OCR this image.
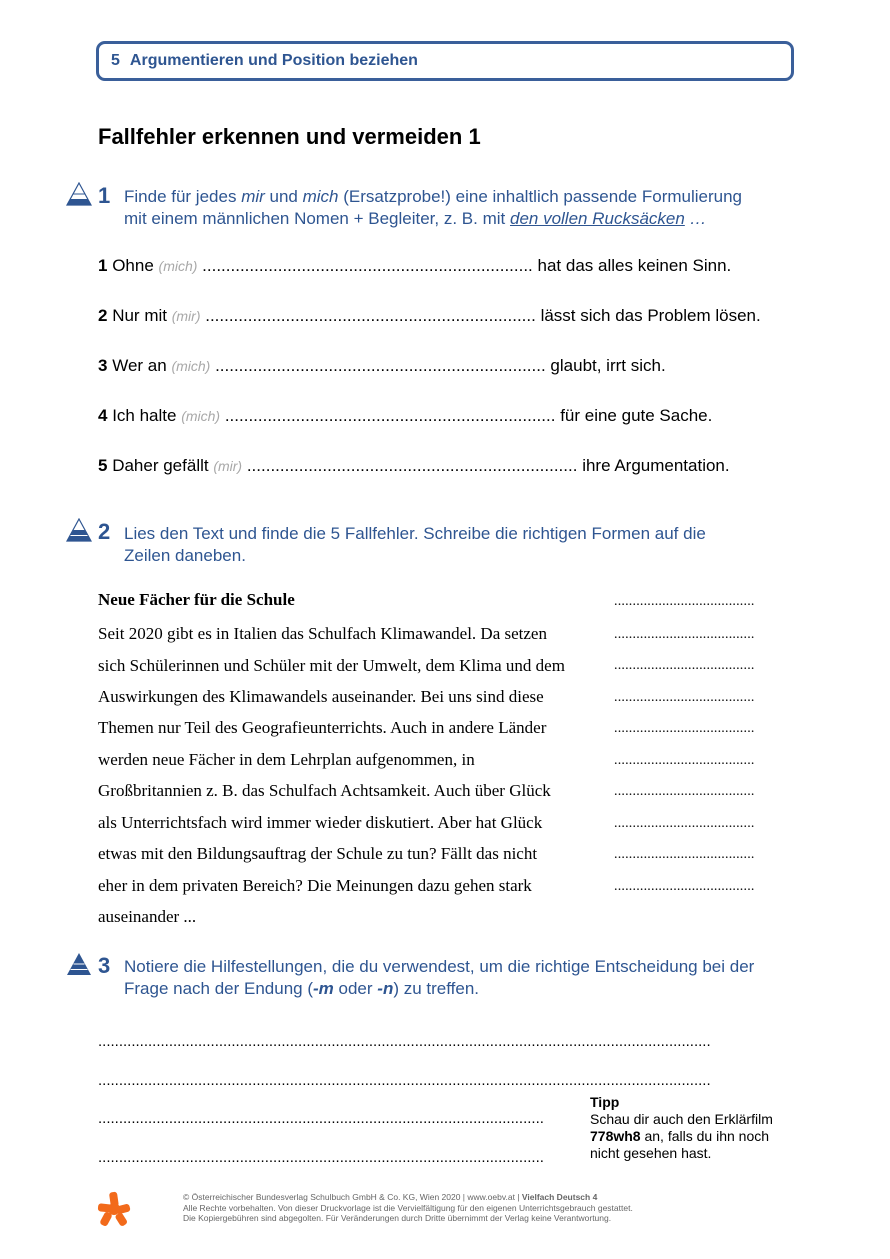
5 Argumentieren und Position beziehen
Fallfehler erkennen und vermeiden 1
1 Finde für jedes mir und mich (Ersatzprobe!) eine inhaltlich passende Formulierung
mit einem männlichen Nomen + Begleiter, z. B. mit den vollen Rucksäcken …
1 Ohne (mich) ...................................................................... hat das alles keinen Sinn.
2 Nur mit (mir) ...................................................................... lässt sich das Problem lösen.
3 Wer an (mich) ...................................................................... glaubt, irrt sich.
4 Ich halte (mich) ...................................................................... für eine gute Sache.
5 Daher gefällt (mir) ...................................................................... ihre Argumentation.
2 Lies den Text und finde die 5 Fallfehler. Schreibe die richtigen Formen auf die
Zeilen daneben.
Neue Fächer für die Schule	......................................
Seit 2020 gibt es in Italien das Schulfach Klimawandel. Da setzen	......................................
sich Schülerinnen und Schüler mit der Umwelt, dem Klima und dem	......................................
Auswirkungen des Klimawandels auseinander. Bei uns sind diese	......................................
Themen nur Teil des Geografieunterrichts. Auch in andere Länder	......................................
werden neue Fächer in dem Lehrplan aufgenommen, in	......................................
Großbritannien z. B. das Schulfach Achtsamkeit. Auch über Glück	......................................
als Unterrichtsfach wird immer wieder diskutiert. Aber hat Glück	......................................
etwas mit den Bildungsauftrag der Schule zu tun? Fällt das nicht	......................................
eher in dem privaten Bereich? Die Meinungen dazu gehen stark	......................................
auseinander ...
3 Notiere die Hilfestellungen, die du verwendest, um die richtige Entscheidung bei der
Frage nach der Endung (-m oder -n) zu treffen.
...................................................................................................................................................
...................................................................................................................................................
...........................................................................................................
...........................................................................................................
Tipp
Schau dir auch den Erklärfilm
778wh8 an, falls du ihn noch
nicht gesehen hast.
© Österreichischer Bundesverlag Schulbuch GmbH & Co. KG, Wien 2020 | www.oebv.at | Vielfach Deutsch 4
Alle Rechte vorbehalten. Von dieser Druckvorlage ist die Vervielfältigung für den eigenen Unterrichtsgebrauch gestattet.
Die Kopiergebühren sind abgegolten. Für Veränderungen durch Dritte übernimmt der Verlag keine Verantwortung.
